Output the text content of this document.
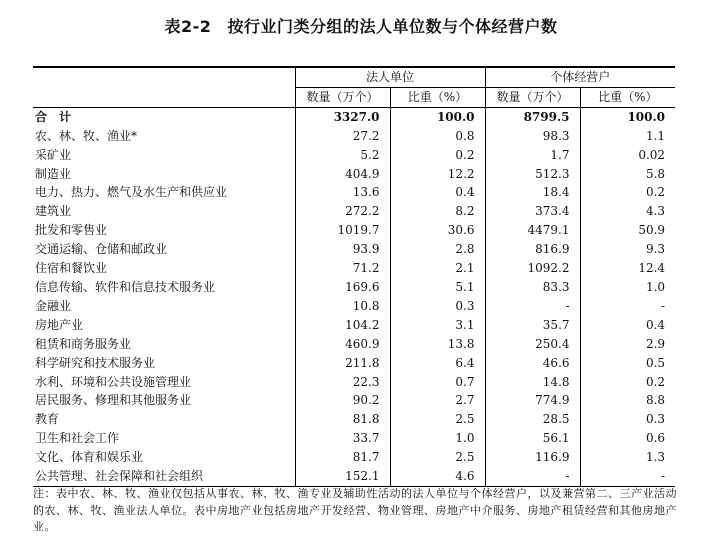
表2-2 按行业门类分组的法人单位数与个体经营户数
	法人单位		个体经营户	
	数量（万个）	比重（%）	数量（万个）	比重（%）
合　计	3327.0	100.0	8799.5	100.0
农、林、牧、渔业*	27.2	0.8	98.3	1.1
采矿业	5.2	0.2	1.7	0.02
制造业	404.9	12.2	512.3	5.8
电力、热力、燃气及水生产和供应业	13.6	0.4	18.4	0.2
建筑业	272.2	8.2	373.4	4.3
批发和零售业	1019.7	30.6	4479.1	50.9
交通运输、仓储和邮政业	93.9	2.8	816.9	9.3
住宿和餐饮业	71.2	2.1	1092.2	12.4
信息传输、软件和信息技术服务业	169.6	5.1	83.3	1.0
金融业	10.8	0.3	-	-
房地产业	104.2	3.1	35.7	0.4
租赁和商务服务业	460.9	13.8	250.4	2.9
科学研究和技术服务业	211.8	6.4	46.6	0.5
水利、环境和公共设施管理业	22.3	0.7	14.8	0.2
居民服务、修理和其他服务业	90.2	2.7	774.9	8.8
教育	81.8	2.5	28.5	0.3
卫生和社会工作	33.7	1.0	56.1	0.6
文化、体育和娱乐业	81.7	2.5	116.9	1.3
公共管理、社会保障和社会组织	152.1	4.6	-	-
注：表中农、林、牧、渔业仅包括从事农、林、牧、渔专业及辅助性活动的法人单位与个体经营户，以及兼营第二、三产业活动的农、林、牧、渔业法人单位。表中房地产业包括房地产开发经营、物业管理、房地产中介服务、房地产租赁经营和其他房地产业。
